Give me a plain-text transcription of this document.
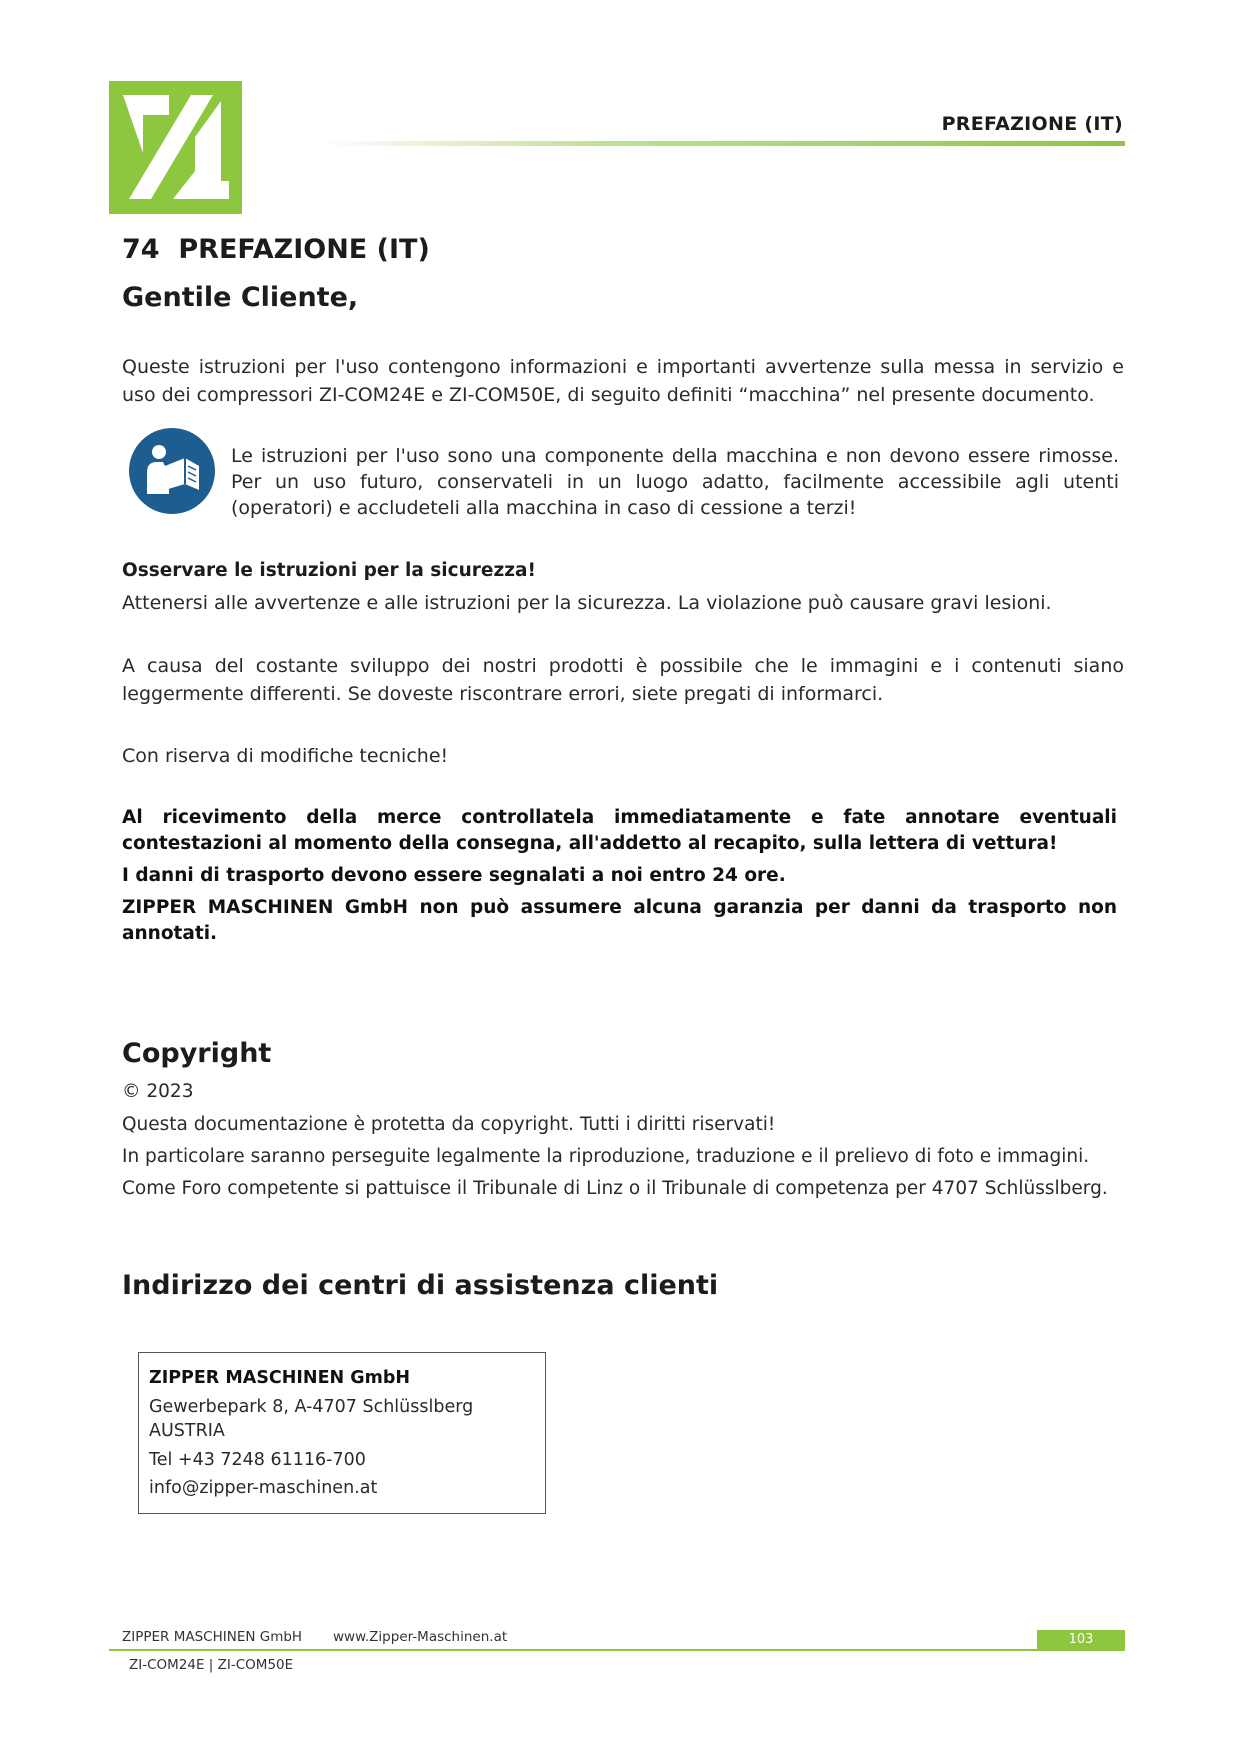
PREFAZIONE (IT)
74  PREFAZIONE (IT)
Gentile Cliente,
Queste istruzioni per l'uso contengono informazioni e importanti avvertenze sulla messa in servizio e uso dei compressori ZI-COM24E e ZI-COM50E, di seguito definiti “macchina” nel presente documento.
Le istruzioni per l'uso sono una componente della macchina e non devono essere rimosse. Per un uso futuro, conservateli in un luogo adatto, facilmente accessibile agli utenti (operatori) e accludeteli alla macchina in caso di cessione a terzi!
Osservare le istruzioni per la sicurezza!
Attenersi alle avvertenze e alle istruzioni per la sicurezza. La violazione può causare gravi lesioni.
A causa del costante sviluppo dei nostri prodotti è possibile che le immagini e i contenuti siano leggermente differenti. Se doveste riscontrare errori, siete pregati di informarci.
Con riserva di modifiche tecniche!
Al ricevimento della merce controllatela immediatamente e fate annotare eventuali contestazioni al momento della consegna, all'addetto al recapito, sulla lettera di vettura!
I danni di trasporto devono essere segnalati a noi entro 24 ore.
ZIPPER MASCHINEN GmbH non può assumere alcuna garanzia per danni da trasporto non annotati.
Copyright
© 2023
Questa documentazione è protetta da copyright. Tutti i diritti riservati!
In particolare saranno perseguite legalmente la riproduzione, traduzione e il prelievo di foto e immagini.
Come Foro competente si pattuisce il Tribunale di Linz o il Tribunale di competenza per 4707 Schlüsslberg.
Indirizzo dei centri di assistenza clienti
ZIPPER MASCHINEN GmbH
Gewerbepark 8, A-4707 Schlüsslberg
AUSTRIA
Tel +43 7248 61116-700
info@zipper-maschinen.at
ZIPPER MASCHINEN GmbH www.Zipper-Maschinen.at	103
ZI-COM24E | ZI-COM50E
